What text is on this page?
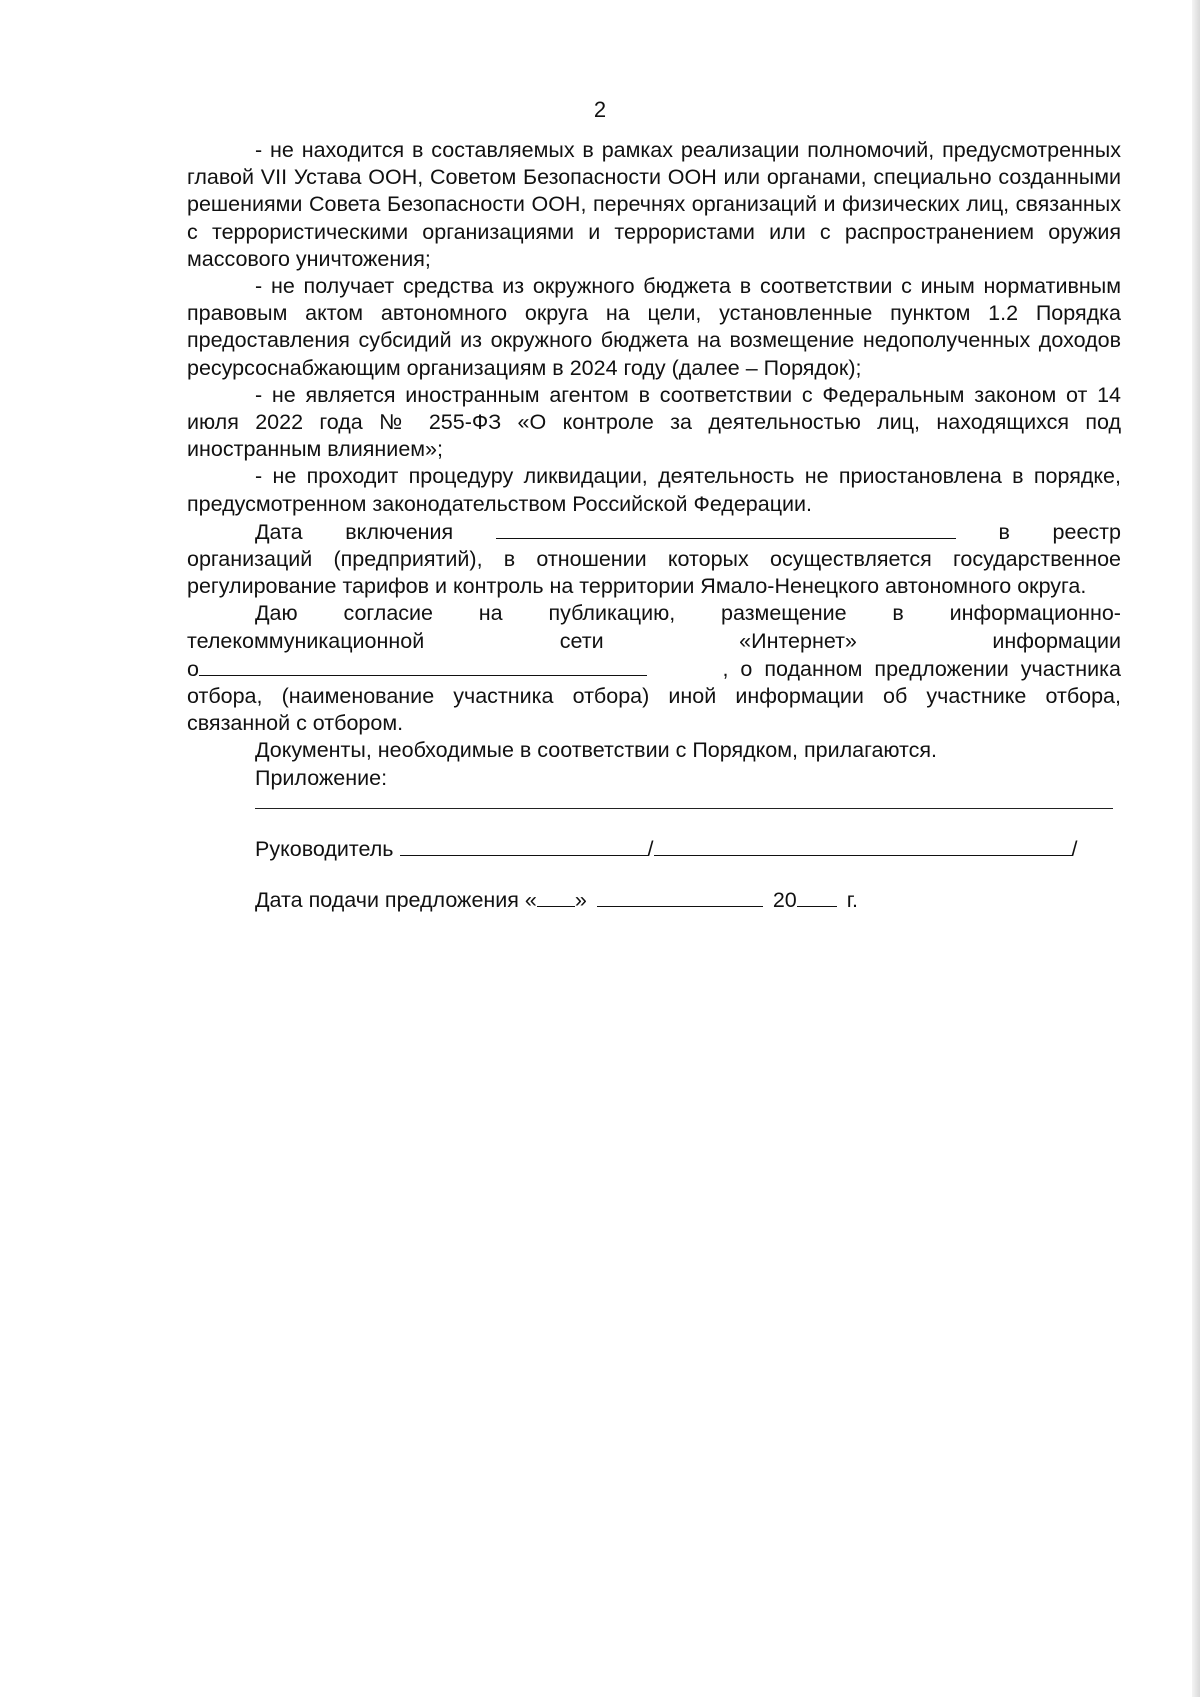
2

- не находится в составляемых в рамках реализации полномочий, предусмотренных главой VII Устава ООН, Советом Безопасности ООН или органами, специально созданными решениями Совета Безопасности ООН, перечнях организаций и физических лиц, связанных с террористическими организациями и террористами или с распространением оружия массового уничтожения;

- не получает средства из окружного бюджета в соответствии с иным нормативным правовым актом автономного округа на цели, установленные пунктом 1.2 Порядка предоставления субсидий из окружного бюджета на возмещение недополученных доходов ресурсоснабжающим организациям в 2024 году (далее – Порядок);

- не является иностранным агентом в соответствии с Федеральным законом от 14 июля 2022 года № 255-ФЗ «О контроле за деятельностью лиц, находящихся под иностранным влиянием»;

- не проходит процедуру ликвидации, деятельность не приостановлена в порядке, предусмотренном законодательством Российской Федерации.

Дата включения	в реестр

организаций (предприятий), в отношении которых осуществляется государственное регулирование тарифов и контроль на территории Ямало-Ненецкого автономного округа.

Даю согласие на публикацию, размещение в информационно-
телекоммуникационной	сети	«Интернет»	информации
о	, о поданном предложении участника

отбора, (наименование участника отбора) иной информации об участнике отбора, связанной с отбором.

Документы, необходимые в соответствии с Порядком, прилагаются.

Приложение:

Руководитель	/	/
Дата подачи предложения « »	20 г.
